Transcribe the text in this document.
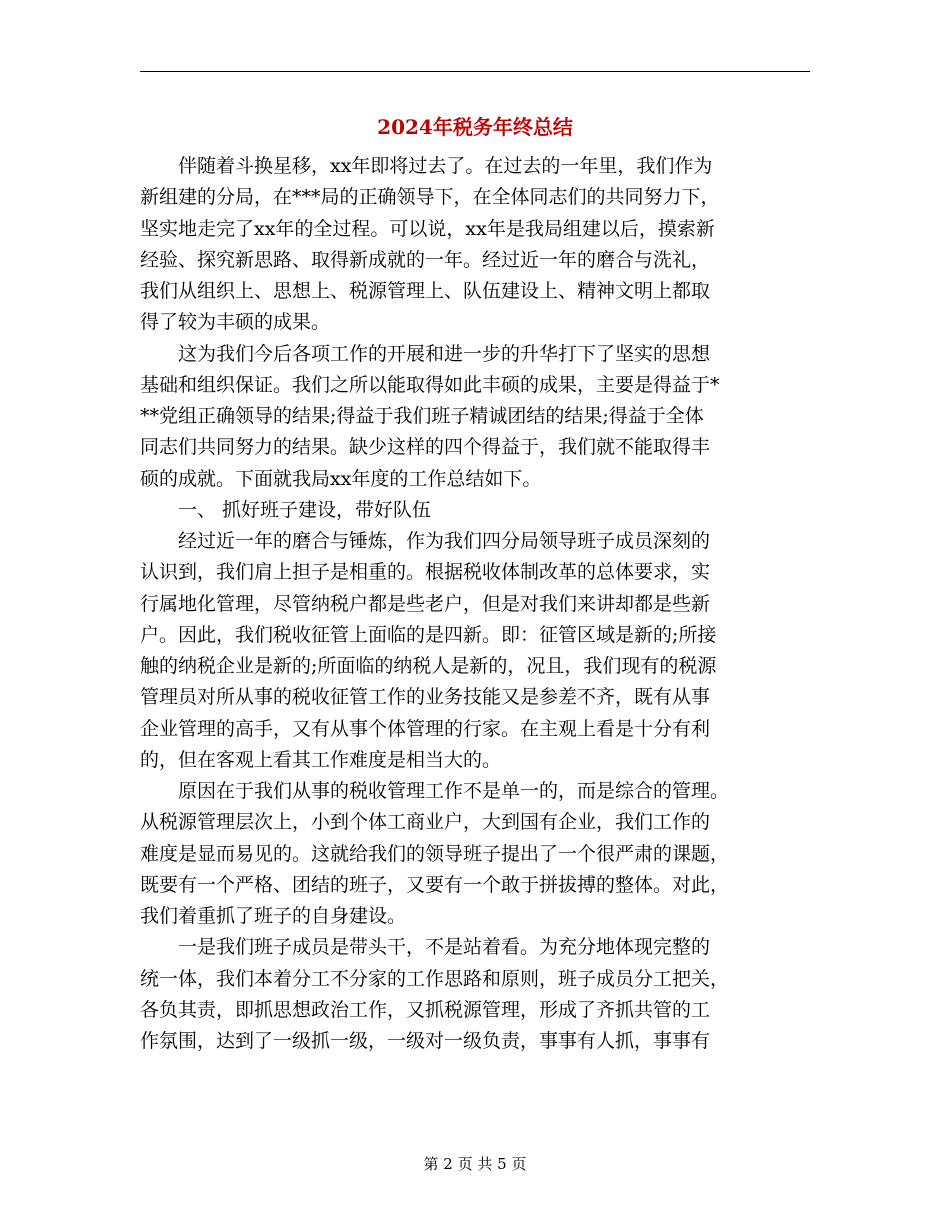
2024年税务年终总结

　　伴随着斗换星移，xx年即将过去了。在过去的一年里，我们作为

新组建的分局，在***局的正确领导下，在全体同志们的共同努力下，

坚实地走完了xx年的全过程。可以说，xx年是我局组建以后，摸索新

经验、探究新思路、取得新成就的一年。经过近一年的磨合与洗礼，

我们从组织上、思想上、税源管理上、队伍建设上、精神文明上都取

得了较为丰硕的成果。

　　这为我们今后各项工作的开展和进一步的升华打下了坚实的思想

基础和组织保证。我们之所以能取得如此丰硕的成果，主要是得益于*

**党组正确领导的结果;得益于我们班子精诚团结的结果;得益于全体

同志们共同努力的结果。缺少这样的四个得益于，我们就不能取得丰

硕的成就。下面就我局xx年度的工作总结如下。

　　一、 抓好班子建设，带好队伍

　　经过近一年的磨合与锤炼，作为我们四分局领导班子成员深刻的

认识到，我们肩上担子是相重的。根据税收体制改革的总体要求，实

行属地化管理，尽管纳税户都是些老户，但是对我们来讲却都是些新

户。因此，我们税收征管上面临的是四新。即：征管区域是新的;所接

触的纳税企业是新的;所面临的纳税人是新的，况且，我们现有的税源

管理员对所从事的税收征管工作的业务技能又是参差不齐，既有从事

企业管理的高手，又有从事个体管理的行家。在主观上看是十分有利

的，但在客观上看其工作难度是相当大的。

　　原因在于我们从事的税收管理工作不是单一的，而是综合的管理。

从税源管理层次上，小到个体工商业户，大到国有企业，我们工作的

难度是显而易见的。这就给我们的领导班子提出了一个很严肃的课题，

既要有一个严格、团结的班子，又要有一个敢于拼拔搏的整体。对此，

我们着重抓了班子的自身建设。

　　一是我们班子成员是带头干，不是站着看。为充分地体现完整的

统一体，我们本着分工不分家的工作思路和原则，班子成员分工把关，

各负其责，即抓思想政治工作，又抓税源管理，形成了齐抓共管的工

作氛围，达到了一级抓一级，一级对一级负责，事事有人抓，事事有

第 2 页 共 5 页
